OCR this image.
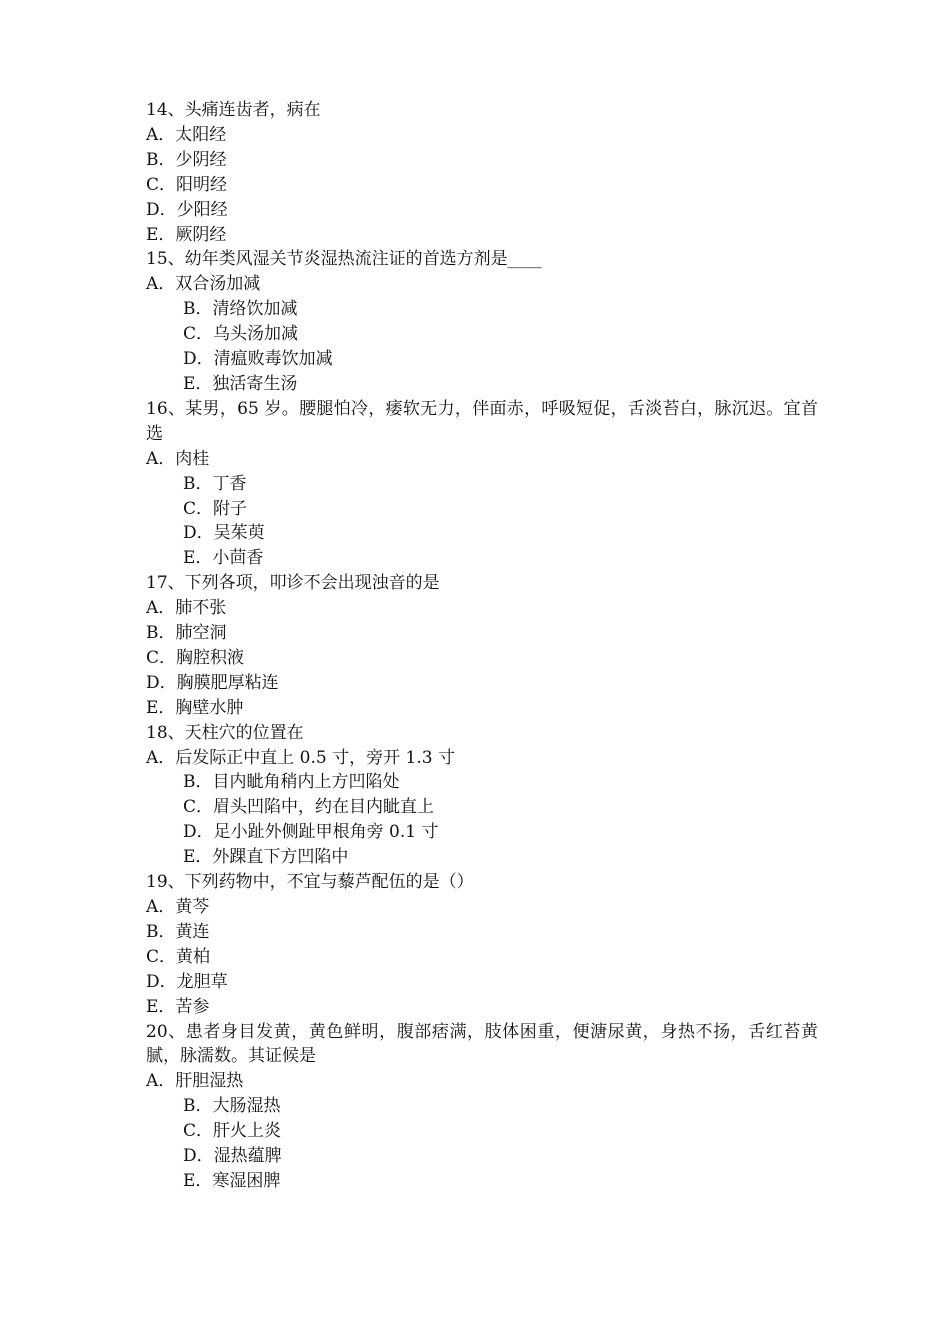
14、头痛连齿者，病在

A．太阳经

B．少阴经

C．阳明经

D．少阳经

E．厥阴经

15、幼年类风湿关节炎湿热流注证的首选方剂是____

A．双合汤加减

B．清络饮加减

C．乌头汤加减

D．清瘟败毒饮加减

E．独活寄生汤

16、某男，65 岁。腰腿怕冷，痿软无力，伴面赤，呼吸短促，舌淡苔白，脉沉迟。宜首选

A．肉桂

B．丁香

C．附子

D．吴茱萸

E．小茴香

17、下列各项，叩诊不会出现浊音的是

A．肺不张

B．肺空洞

C．胸腔积液

D．胸膜肥厚粘连

E．胸壁水肿

18、天柱穴的位置在

A．后发际正中直上 0.5 寸，旁开 1.3 寸

B．目内眦角稍内上方凹陷处

C．眉头凹陷中，约在目内眦直上

D．足小趾外侧趾甲根角旁 0.1 寸

E．外踝直下方凹陷中

19、下列药物中，不宜与藜芦配伍的是（）

A．黄芩

B．黄连

C．黄柏

D．龙胆草

E．苦参

20、患者身目发黄，黄色鲜明，腹部痞满，肢体困重，便溏尿黄，身热不扬，舌红苔黄腻，脉濡数。其证候是

A．肝胆湿热

B．大肠湿热

C．肝火上炎

D．湿热蕴脾

E．寒湿困脾
